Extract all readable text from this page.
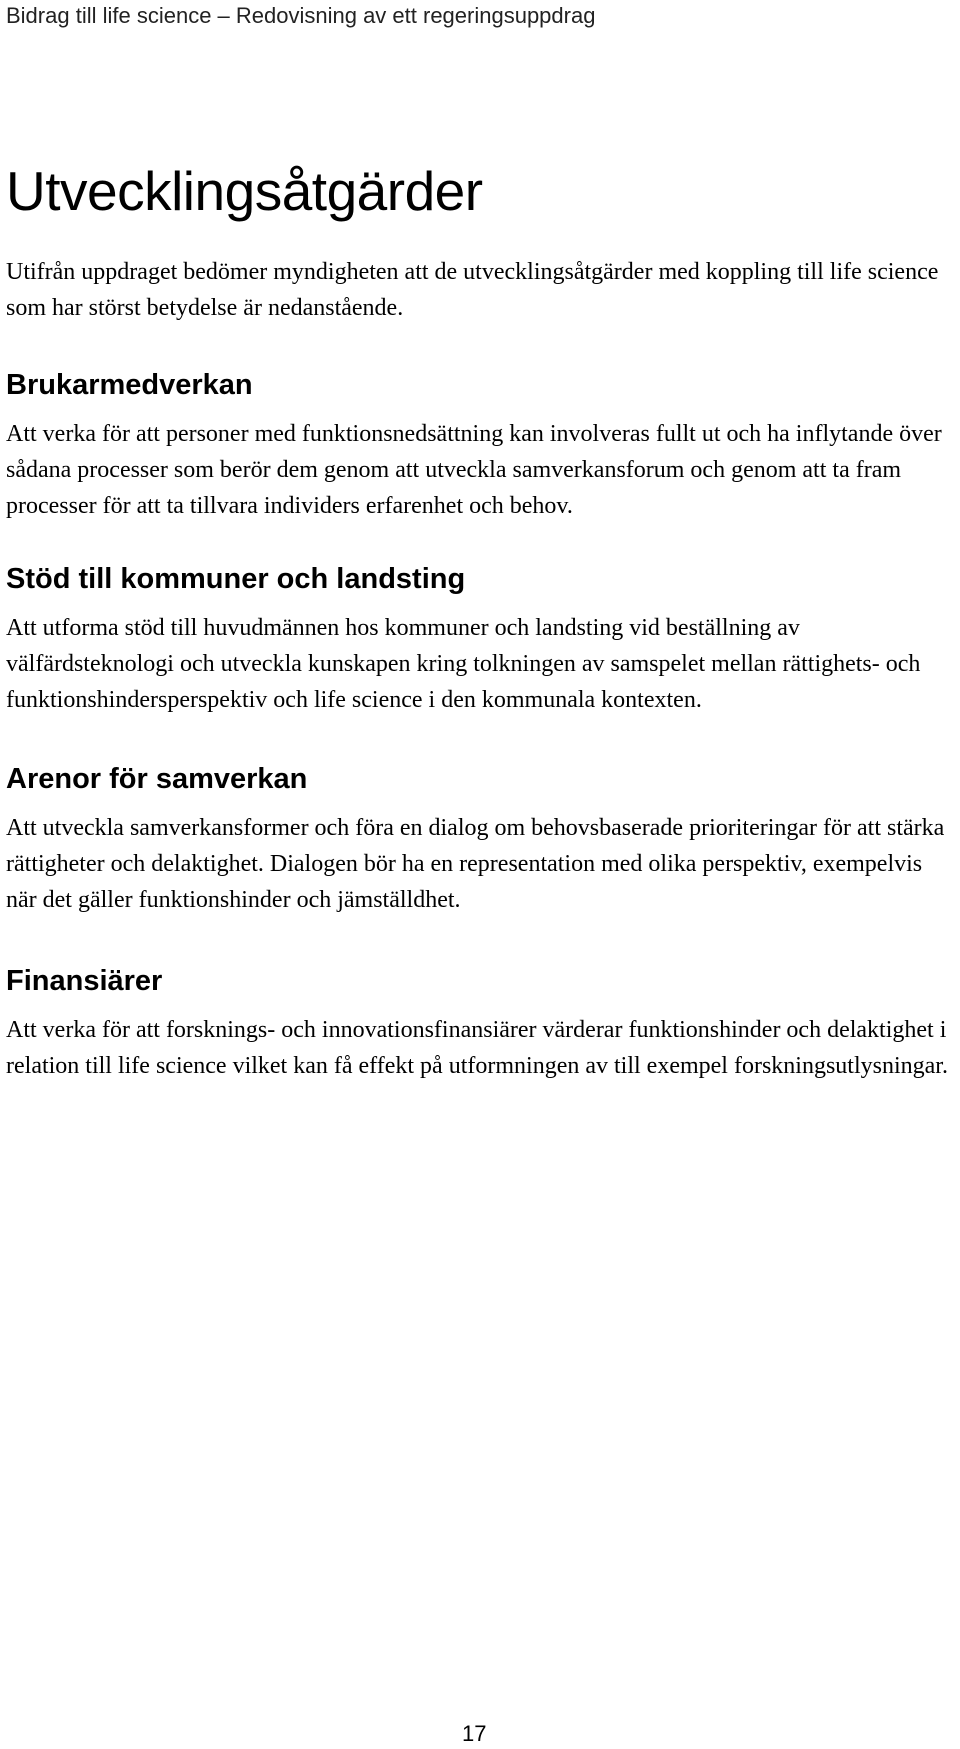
Bidrag till life science – Redovisning av ett regeringsuppdrag
Utvecklingsåtgärder

Utifrån uppdraget bedömer myndigheten att de utvecklingsåtgärder med koppling till life science som har störst betydelse är nedanstående.

Brukarmedverkan

Att verka för att personer med funktionsnedsättning kan involveras fullt ut och ha inflytande över sådana processer som berör dem genom att utveckla samverkansforum och genom att ta fram processer för att ta tillvara individers erfarenhet och behov.

Stöd till kommuner och landsting

Att utforma stöd till huvudmännen hos kommuner och landsting vid beställning av välfärdsteknologi och utveckla kunskapen kring tolkningen av samspelet mellan rättighets- och funktionshindersperspektiv och life science i den kommunala kontexten.

Arenor för samverkan

Att utveckla samverkansformer och föra en dialog om behovsbaserade prioriteringar för att stärka rättigheter och delaktighet. Dialogen bör ha en representation med olika perspektiv, exempelvis när det gäller funktionshinder och jämställdhet.

Finansiärer

Att verka för att forsknings- och innovationsfinansiärer värderar funktionshinder och delaktighet i relation till life science vilket kan få effekt på utformningen av till exempel forskningsutlysningar.

17
